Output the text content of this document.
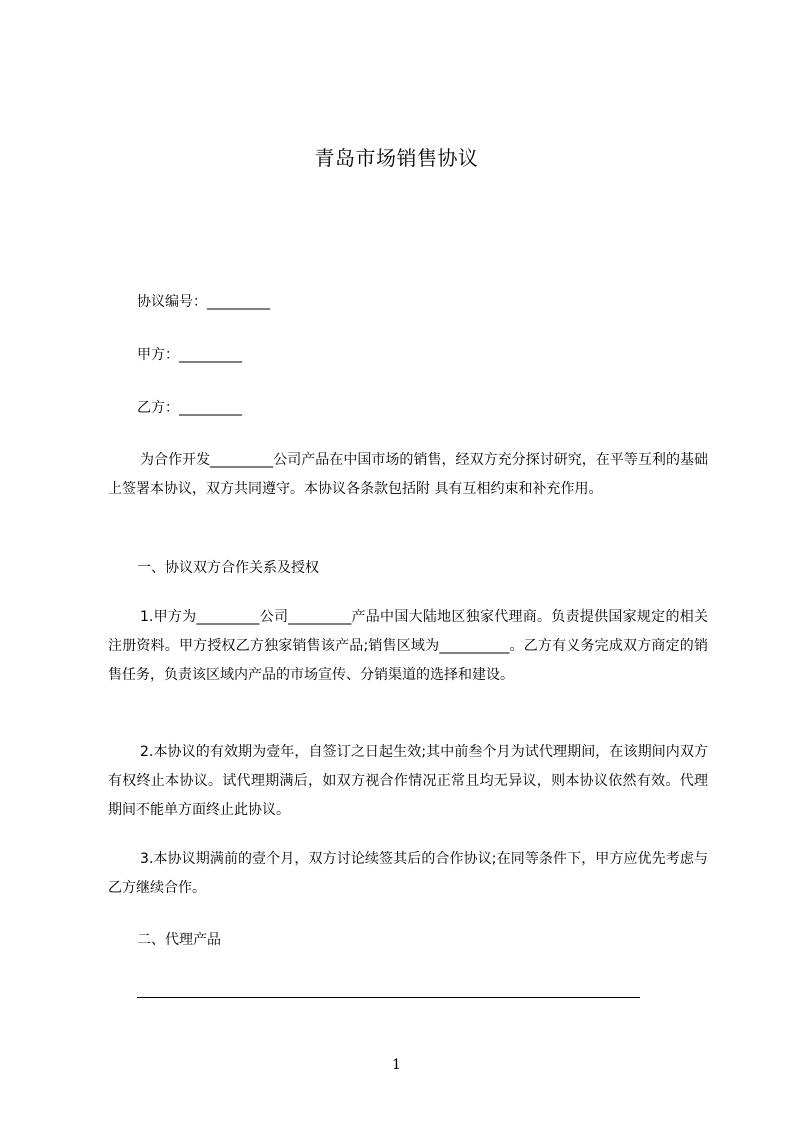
青岛市场销售协议
协议编号：_________
甲方：_________
乙方：_________
为合作开发_________公司产品在中国市场的销售，经双方充分探讨研究，在平等互利的基础上签署本协议，双方共同遵守。本协议各条款包括附 具有互相约束和补充作用。
一、协议双方合作关系及授权
1.甲方为_________公司_________产品中国大陆地区独家代理商。负责提供国家规定的相关注册资料。甲方授权乙方独家销售该产品;销售区域为__________。乙方有义务完成双方商定的销售任务，负责该区域内产品的市场宣传、分销渠道的选择和建设。
2.本协议的有效期为壹年，自签订之日起生效;其中前叁个月为试代理期间，在该期间内双方有权终止本协议。试代理期满后，如双方视合作情况正常且均无异议，则本协议依然有效。代理期间不能单方面终止此协议。
3.本协议期满前的壹个月，双方讨论续签其后的合作协议;在同等条件下，甲方应优先考虑与乙方继续合作。
二、代理产品
1
